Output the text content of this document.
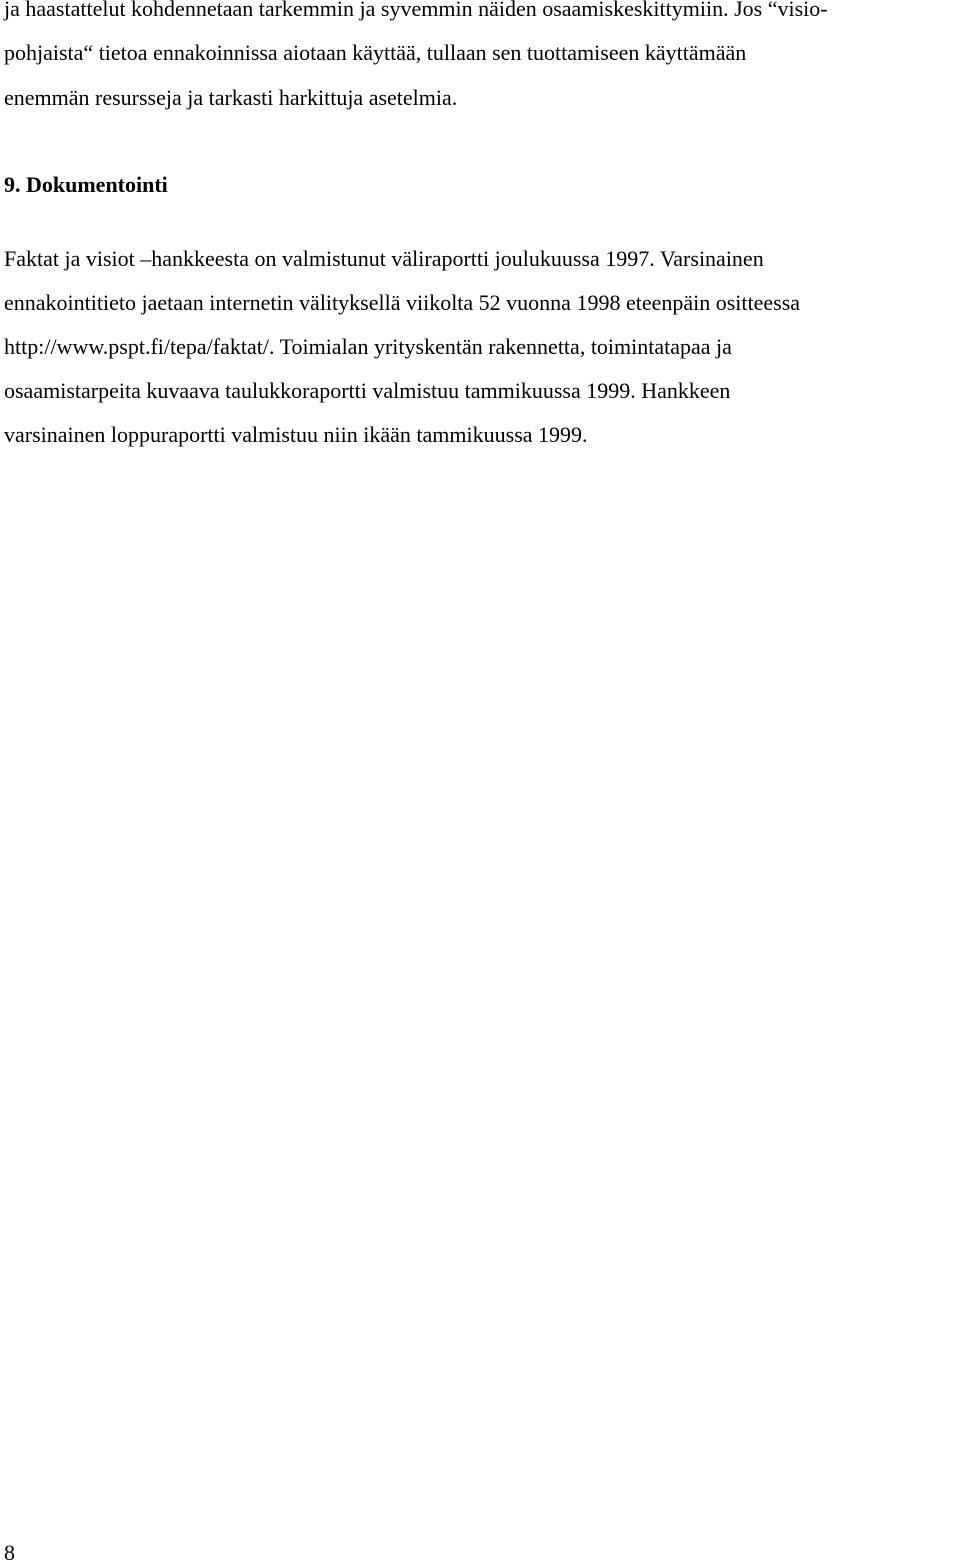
ja haastattelut kohdennetaan tarkemmin ja syvemmin näiden osaamiskeskittymiin. Jos “visio-
pohjaista“ tietoa ennakoinnissa aiotaan käyttää, tullaan sen tuottamiseen käyttämään
enemmän resursseja ja tarkasti harkittuja asetelmia.
9. Dokumentointi
Faktat ja visiot –hankkeesta on valmistunut väliraportti joulukuussa 1997. Varsinainen
ennakointitieto jaetaan internetin välityksellä viikolta 52 vuonna 1998 eteenpäin ositteessa
http://www.pspt.fi/tepa/faktat/. Toimialan yrityskentän rakennetta, toimintatapaa ja
osaamistarpeita kuvaava taulukkoraportti valmistuu tammikuussa 1999. Hankkeen
varsinainen loppuraportti valmistuu niin ikään tammikuussa 1999.
8
